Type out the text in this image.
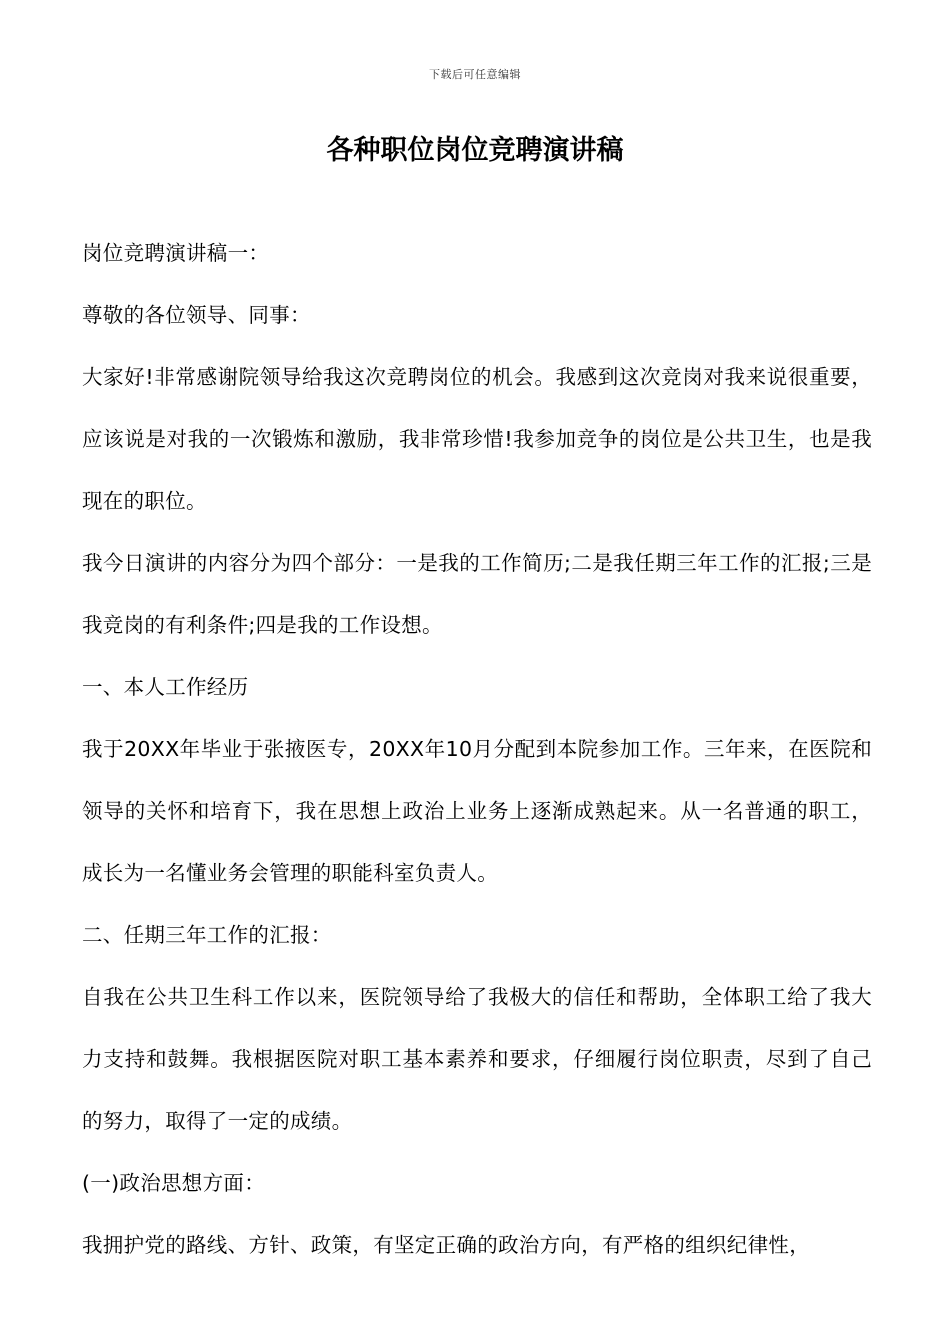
下载后可任意编辑
各种职位岗位竞聘演讲稿

岗位竞聘演讲稿一：

尊敬的各位领导、同事：

大家好!非常感谢院领导给我这次竞聘岗位的机会。我感到这次竞岗对我来说很重要，应该说是对我的一次锻炼和激励，我非常珍惜!我参加竞争的岗位是公共卫生，也是我现在的职位。

我今日演讲的内容分为四个部分：一是我的工作简历;二是我任期三年工作的汇报;三是我竞岗的有利条件;四是我的工作设想。

一、本人工作经历

我于20XX年毕业于张掖医专，20XX年10月分配到本院参加工作。三年来，在医院和领导的关怀和培育下，我在思想上政治上业务上逐渐成熟起来。从一名普通的职工，成长为一名懂业务会管理的职能科室负责人。

二、任期三年工作的汇报：

自我在公共卫生科工作以来，医院领导给了我极大的信任和帮助，全体职工给了我大力支持和鼓舞。我根据医院对职工基本素养和要求，仔细履行岗位职责，尽到了自己的努力，取得了一定的成绩。

(一)政治思想方面：

我拥护党的路线、方针、政策，有坚定正确的政治方向，有严格的组织纪律性，
